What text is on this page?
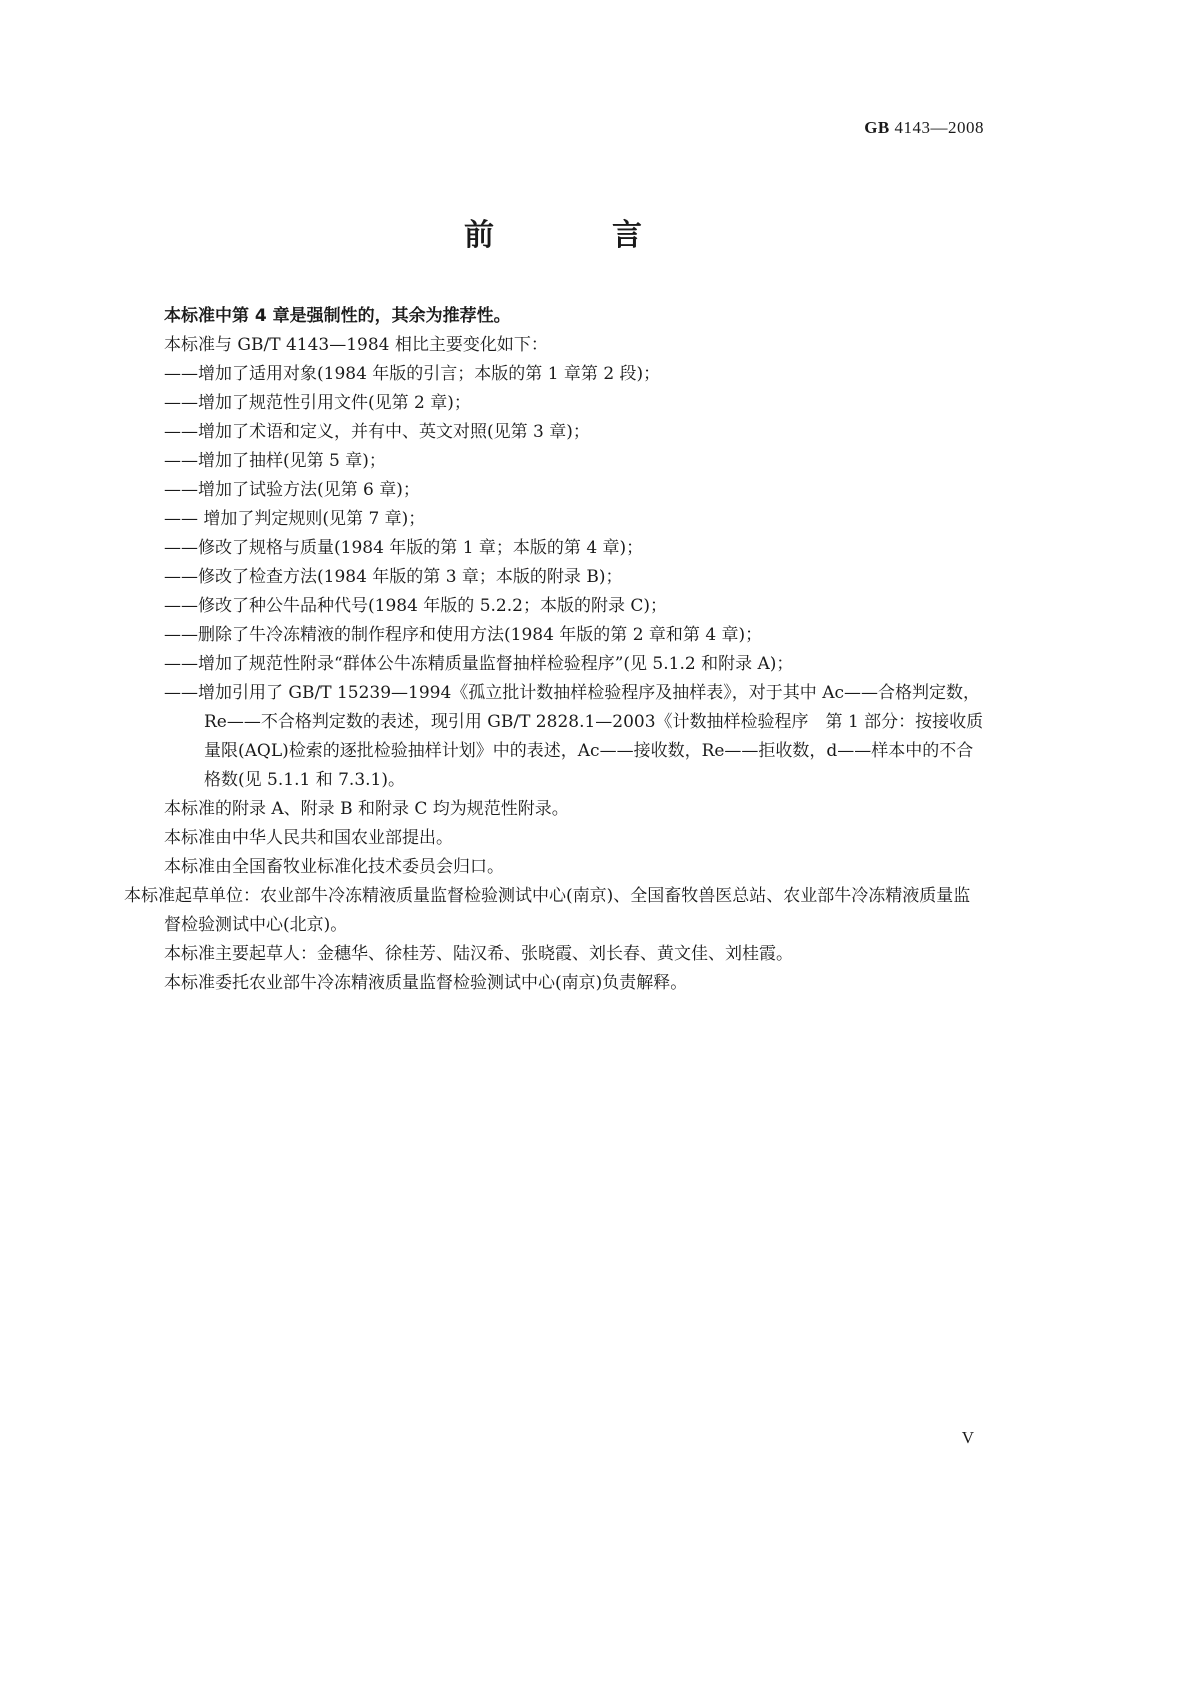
GB 4143—2008
前　言

本标准中第 4 章是强制性的，其余为推荐性。

本标准与 GB/T 4143—1984 相比主要变化如下：

——增加了适用对象(1984 年版的引言；本版的第 1 章第 2 段)；

——增加了规范性引用文件(见第 2 章)；

——增加了术语和定义，并有中、英文对照(见第 3 章)；

——增加了抽样(见第 5 章)；

——增加了试验方法(见第 6 章)；

—— 增加了判定规则(见第 7 章)；

——修改了规格与质量(1984 年版的第 1 章；本版的第 4 章)；

——修改了检查方法(1984 年版的第 3 章；本版的附录 B)；

——修改了种公牛品种代号(1984 年版的 5.2.2；本版的附录 C)；

——删除了牛冷冻精液的制作程序和使用方法(1984 年版的第 2 章和第 4 章)；

——增加了规范性附录“群体公牛冻精质量监督抽样检验程序”(见 5.1.2 和附录 A)；

——增加引用了 GB/T 15239—1994《孤立批计数抽样检验程序及抽样表》，对于其中 Ac——合格判定数，Re——不合格判定数的表述，现引用 GB/T 2828.1—2003《计数抽样检验程序　第 1 部分：按接收质量限(AQL)检索的逐批检验抽样计划》中的表述，Ac——接收数，Re——拒收数，d——样本中的不合格数(见 5.1.1 和 7.3.1)。

本标准的附录 A、附录 B 和附录 C 均为规范性附录。

本标准由中华人民共和国农业部提出。

本标准由全国畜牧业标准化技术委员会归口。

本标准起草单位：农业部牛冷冻精液质量监督检验测试中心(南京)、全国畜牧兽医总站、农业部牛冷冻精液质量监督检验测试中心(北京)。

本标准主要起草人：金穗华、徐桂芳、陆汉希、张晓霞、刘长春、黄文佳、刘桂霞。

本标准委托农业部牛冷冻精液质量监督检验测试中心(南京)负责解释。

V
